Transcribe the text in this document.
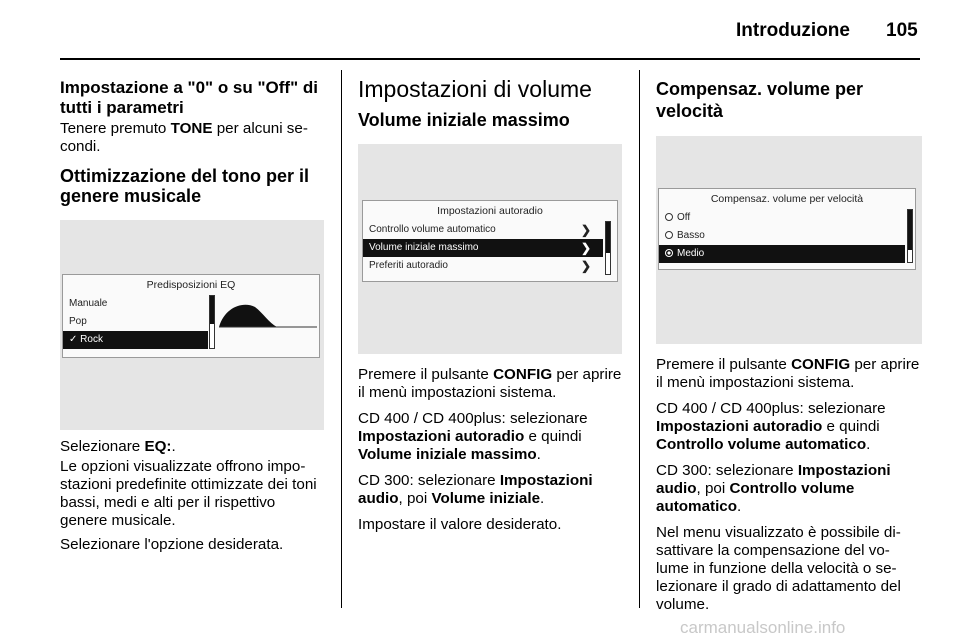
Introduzione 105
Impostazione a "0" o su "Off" di tutti i parametri

Tenere premuto TONE per alcuni se-condi.

Ottimizzazione del tono per il genere musicale
Predisposizioni EQ
Manuale
Pop
✓ Rock

Selezionare EQ:.

Le opzioni visualizzate offrono impo-stazioni predefinite ottimizzate dei toni bassi, medi e alti per il rispettivo genere musicale.

Selezionare l'opzione desiderata.

Impostazioni di volume
Volume iniziale massimo
Impostazioni autoradio
Controllo volume automatico	❯
Volume iniziale massimo	❯
Preferiti autoradio	❯

Premere il pulsante CONFIG per aprire il menù impostazioni sistema.

CD 400 / CD 400plus: selezionare Impostazioni autoradio e quindi Volume iniziale massimo.

CD 300: selezionare Impostazioni audio, poi Volume iniziale.

Impostare il valore desiderato.

Compensaz. volume per velocità
Compensaz. volume per velocità
Off
Basso
Medio

Premere il pulsante CONFIG per aprire il menù impostazioni sistema.

CD 400 / CD 400plus: selezionare Impostazioni autoradio e quindi Controllo volume automatico.

CD 300: selezionare Impostazioni audio, poi Controllo volume automatico.

Nel menu visualizzato è possibile di-sattivare la compensazione del vo-lume in funzione della velocità o se-lezionare il grado di adattamento del volume.

carmanualsonline.info
